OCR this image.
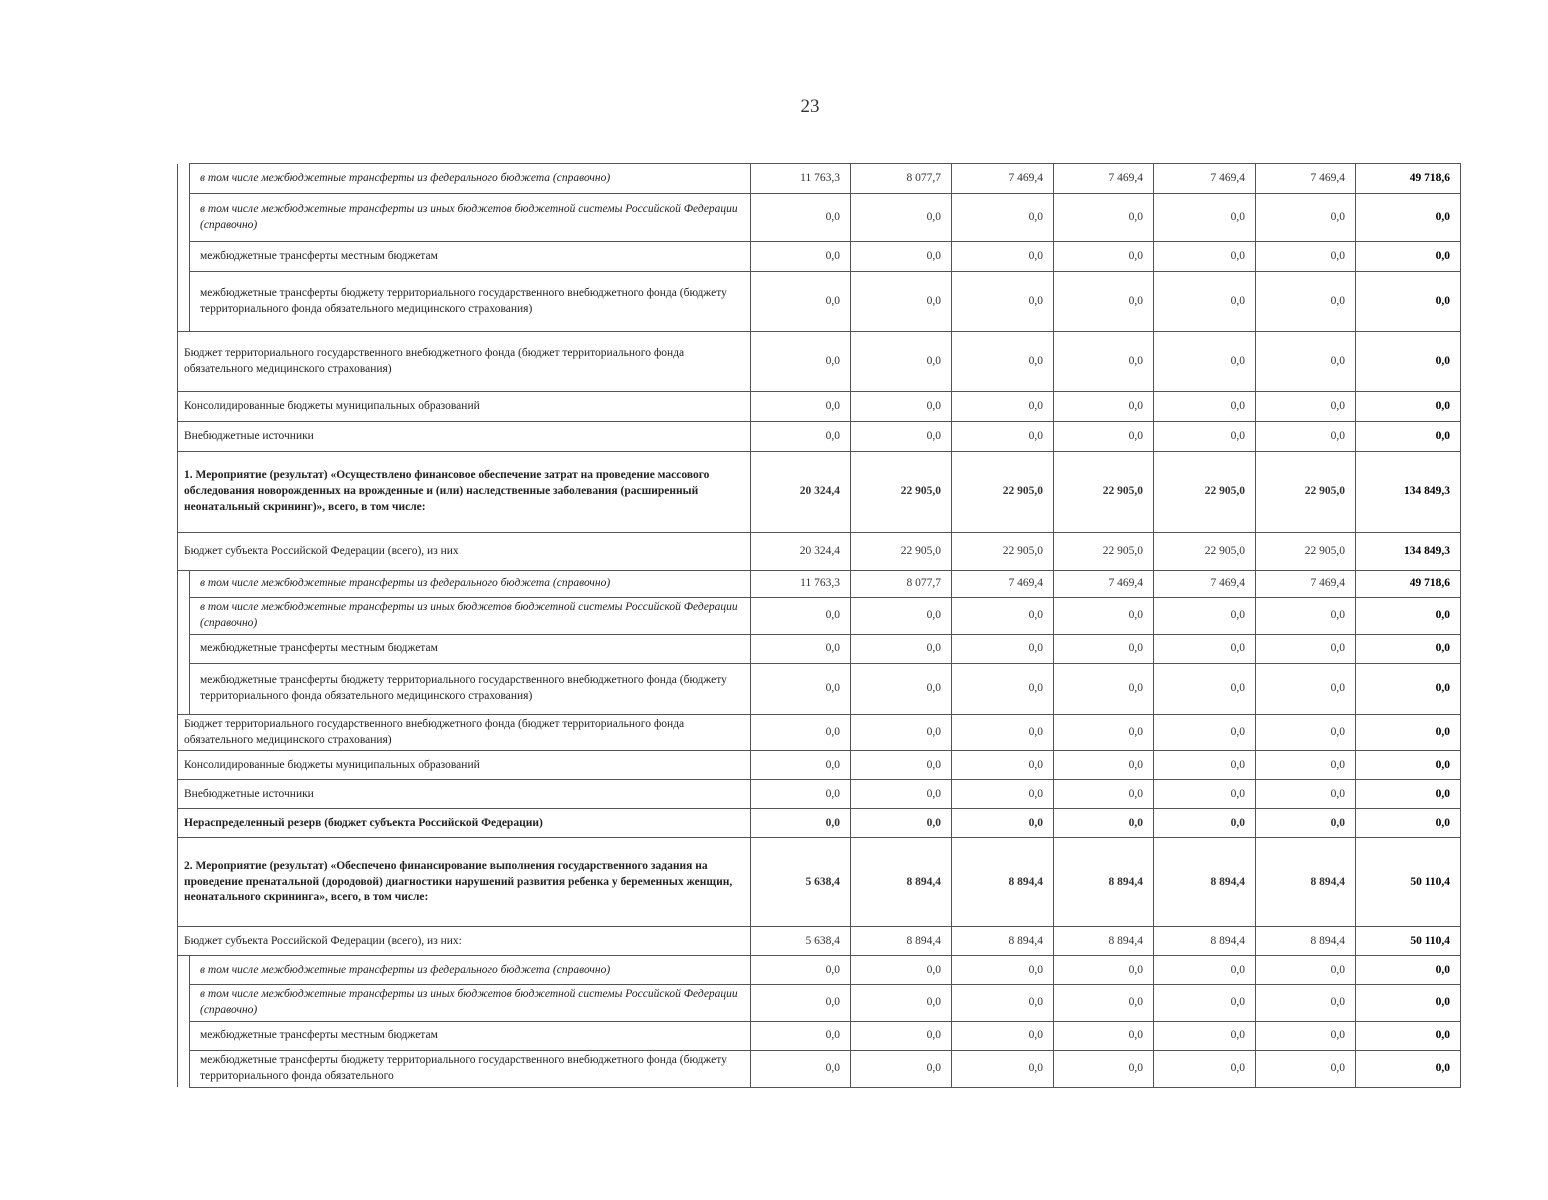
23
	в том числе межбюджетные трансферты из федерального бюджета (справочно)	11 763,3	8 077,7	7 469,4	7 469,4	7 469,4	7 469,4	49 718,6
	в том числе межбюджетные трансферты из иных бюджетов бюджетной системы Российской Федерации (справочно)	0,0	0,0	0,0	0,0	0,0	0,0	0,0
	межбюджетные трансферты местным бюджетам	0,0	0,0	0,0	0,0	0,0	0,0	0,0
	межбюджетные трансферты бюджету территориального государственного внебюджетного фонда (бюджету территориального фонда обязательного медицинского страхования)	0,0	0,0	0,0	0,0	0,0	0,0	0,0
Бюджет территориального государственного внебюджетного фонда (бюджет территориального фонда обязательного медицинского страхования)		0,0	0,0	0,0	0,0	0,0	0,0	0,0
Консолидированные бюджеты муниципальных образований		0,0	0,0	0,0	0,0	0,0	0,0	0,0
Внебюджетные источники		0,0	0,0	0,0	0,0	0,0	0,0	0,0
1. Мероприятие (результат) «Осуществлено финансовое обеспечение затрат на проведение массового обследования новорожденных на врожденные и (или) наследственные заболевания (расширенный неонатальный скрининг)», всего, в том числе:		20 324,4	22 905,0	22 905,0	22 905,0	22 905,0	22 905,0	134 849,3
Бюджет субъекта Российской Федерации (всего), из них		20 324,4	22 905,0	22 905,0	22 905,0	22 905,0	22 905,0	134 849,3
	в том числе межбюджетные трансферты из федерального бюджета (справочно)	11 763,3	8 077,7	7 469,4	7 469,4	7 469,4	7 469,4	49 718,6
	в том числе межбюджетные трансферты из иных бюджетов бюджетной системы Российской Федерации (справочно)	0,0	0,0	0,0	0,0	0,0	0,0	0,0
	межбюджетные трансферты местным бюджетам	0,0	0,0	0,0	0,0	0,0	0,0	0,0
	межбюджетные трансферты бюджету территориального государственного внебюджетного фонда (бюджету территориального фонда обязательного медицинского страхования)	0,0	0,0	0,0	0,0	0,0	0,0	0,0
Бюджет территориального государственного внебюджетного фонда (бюджет территориального фонда обязательного медицинского страхования)		0,0	0,0	0,0	0,0	0,0	0,0	0,0
Консолидированные бюджеты муниципальных образований		0,0	0,0	0,0	0,0	0,0	0,0	0,0
Внебюджетные источники		0,0	0,0	0,0	0,0	0,0	0,0	0,0
Нераспределенный резерв (бюджет субъекта Российской Федерации)		0,0	0,0	0,0	0,0	0,0	0,0	0,0
2. Мероприятие (результат) «Обеспечено финансирование выполнения государственного задания на проведение пренатальной (дородовой) диагностики нарушений развития ребенка у беременных женщин, неонатального скрининга», всего, в том числе:		5 638,4	8 894,4	8 894,4	8 894,4	8 894,4	8 894,4	50 110,4
Бюджет субъекта Российской Федерации (всего), из них:		5 638,4	8 894,4	8 894,4	8 894,4	8 894,4	8 894,4	50 110,4
	в том числе межбюджетные трансферты из федерального бюджета (справочно)	0,0	0,0	0,0	0,0	0,0	0,0	0,0
	в том числе межбюджетные трансферты из иных бюджетов бюджетной системы Российской Федерации (справочно)	0,0	0,0	0,0	0,0	0,0	0,0	0,0
	межбюджетные трансферты местным бюджетам	0,0	0,0	0,0	0,0	0,0	0,0	0,0
	межбюджетные трансферты бюджету территориального государственного внебюджетного фонда (бюджету территориального фонда обязательного	0,0	0,0	0,0	0,0	0,0	0,0	0,0
